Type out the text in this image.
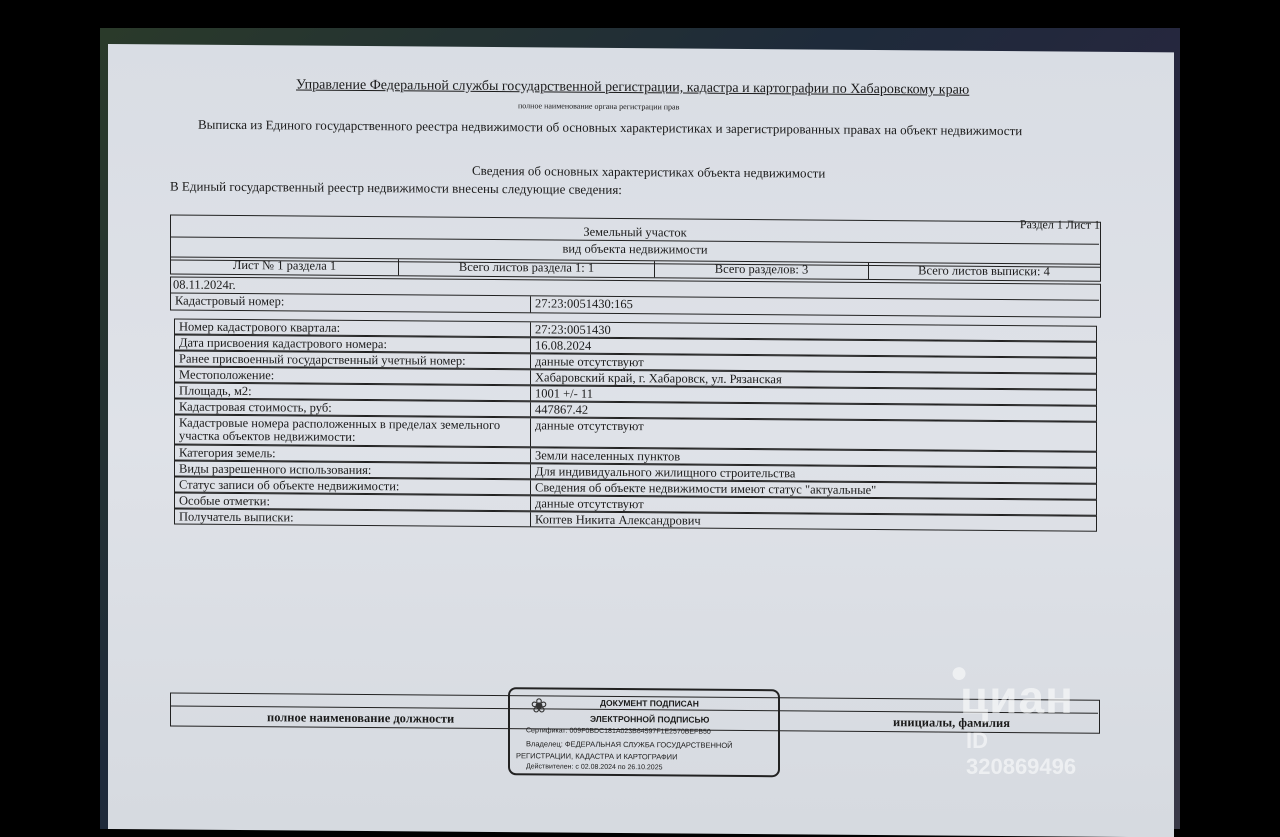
Управление Федеральной службы государственной регистрации, кадастра и картографии по Хабаровскому краю
полное наименование органа регистрации прав
Выписка из Единого государственного реестра недвижимости об основных характеристиках и зарегистрированных правах на объект недвижимости
Сведения об основных характеристиках объекта недвижимости
В Единый государственный реестр недвижимости внесены следующие сведения:
Раздел 1 Лист 1
Земельный участок
вид объекта недвижимости
Лист № 1 раздела 1	Всего листов раздела 1: 1	Всего разделов: 3	Всего листов выписки: 4
08.11.2024г.
Кадастровый номер:	27:23:0051430:165
Номер кадастрового квартала:	27:23:0051430
Дата присвоения кадастрового номера:	16.08.2024
Ранее присвоенный государственный учетный номер:	данные отсутствуют
Местоположение:	Хабаровский край, г. Хабаровск, ул. Рязанская
Площадь, м2:	1001 +/- 11
Кадастровая стоимость, руб:	447867.42
Кадастровые номера расположенных в пределах земельного
участка объектов недвижимости:
данные отсутствуют
Категория земель:	Земли населенных пунктов
Виды разрешенного использования:	Для индивидуального жилищного строительства
Статус записи об объекте недвижимости:	Сведения об объекте недвижимости имеют статус "актуальные"
Особые отметки:	данные отсутствуют
Получатель выписки:	Коптев Никита Александрович
полное наименование должности	инициалы, фамилия
❀	ДОКУМЕНТ ПОДПИСАН
ЭЛЕКТРОННОЙ ПОДПИСЬЮ
Сертификат: 009F0BDC181A023B64597F1E2570BEFB50
Владелец: ФЕДЕРАЛЬНАЯ СЛУЖБА ГОСУДАРСТВЕННОЙ
РЕГИСТРАЦИИ, КАДАСТРА И КАРТОГРАФИИ
Действителен: с 02.08.2024 по 26.10.2025
●
циан
ID 320869496
